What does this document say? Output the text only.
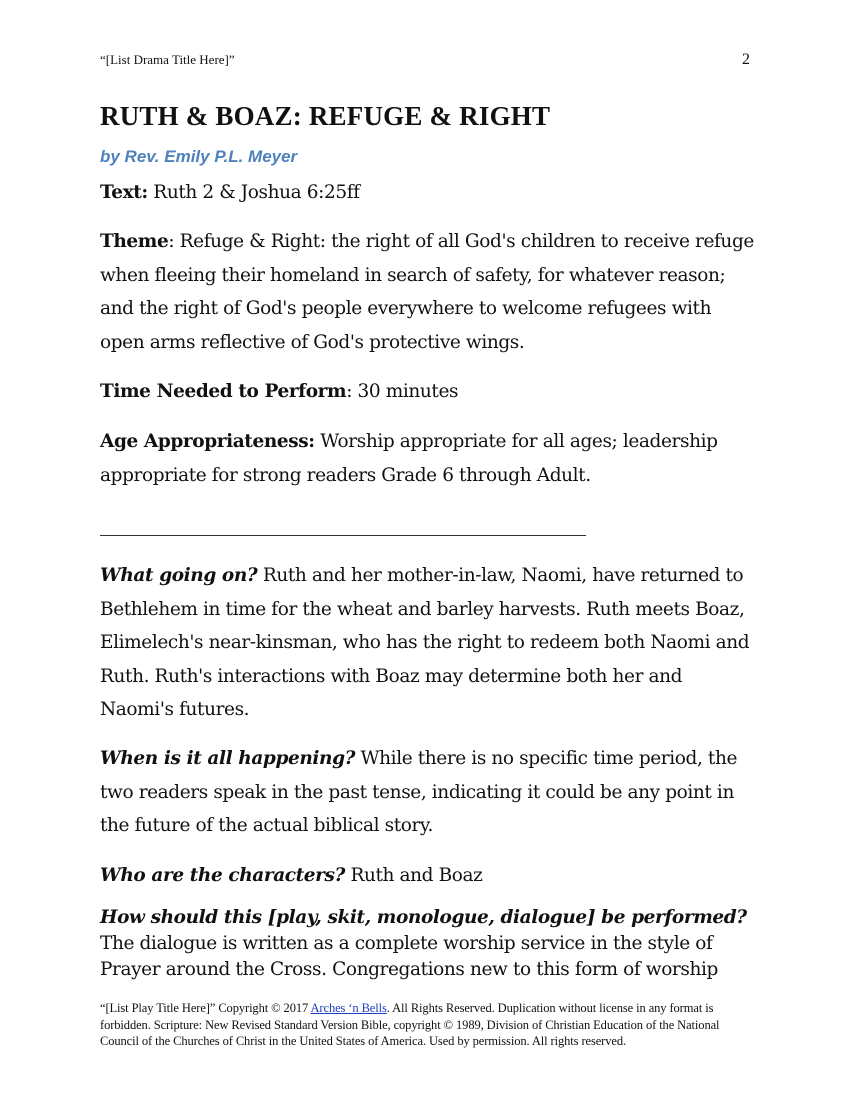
“[List Drama Title Here]”	2
RUTH & BOAZ: REFUGE & RIGHT
by Rev. Emily P.L. Meyer

Text: Ruth 2 & Joshua 6:25ff

Theme: Refuge & Right: the right of all God's children to receive refuge when fleeing their homeland in search of safety, for whatever reason; and the right of God's people everywhere to welcome refugees with open arms reflective of God's protective wings.

Time Needed to Perform: 30 minutes

Age Appropriateness: Worship appropriate for all ages; leadership appropriate for strong readers Grade 6 through Adult.

What going on? Ruth and her mother-in-law, Naomi, have returned to Bethlehem in time for the wheat and barley harvests. Ruth meets Boaz, Elimelech's near-kinsman, who has the right to redeem both Naomi and Ruth. Ruth's interactions with Boaz may determine both her and Naomi's futures.

When is it all happening? While there is no specific time period, the two readers speak in the past tense, indicating it could be any point in the future of the actual biblical story.

Who are the characters? Ruth and Boaz

How should this [play, skit, monologue, dialogue] be performed? The dialogue is written as a complete worship service in the style of Prayer around the Cross. Congregations new to this form of worship

“[List Play Title Here]” Copyright © 2017 Arches ‘n Bells. All Rights Reserved. Duplication without license in any format is forbidden. Scripture: New Revised Standard Version Bible, copyright © 1989, Division of Christian Education of the National Council of the Churches of Christ in the United States of America. Used by permission. All rights reserved.
